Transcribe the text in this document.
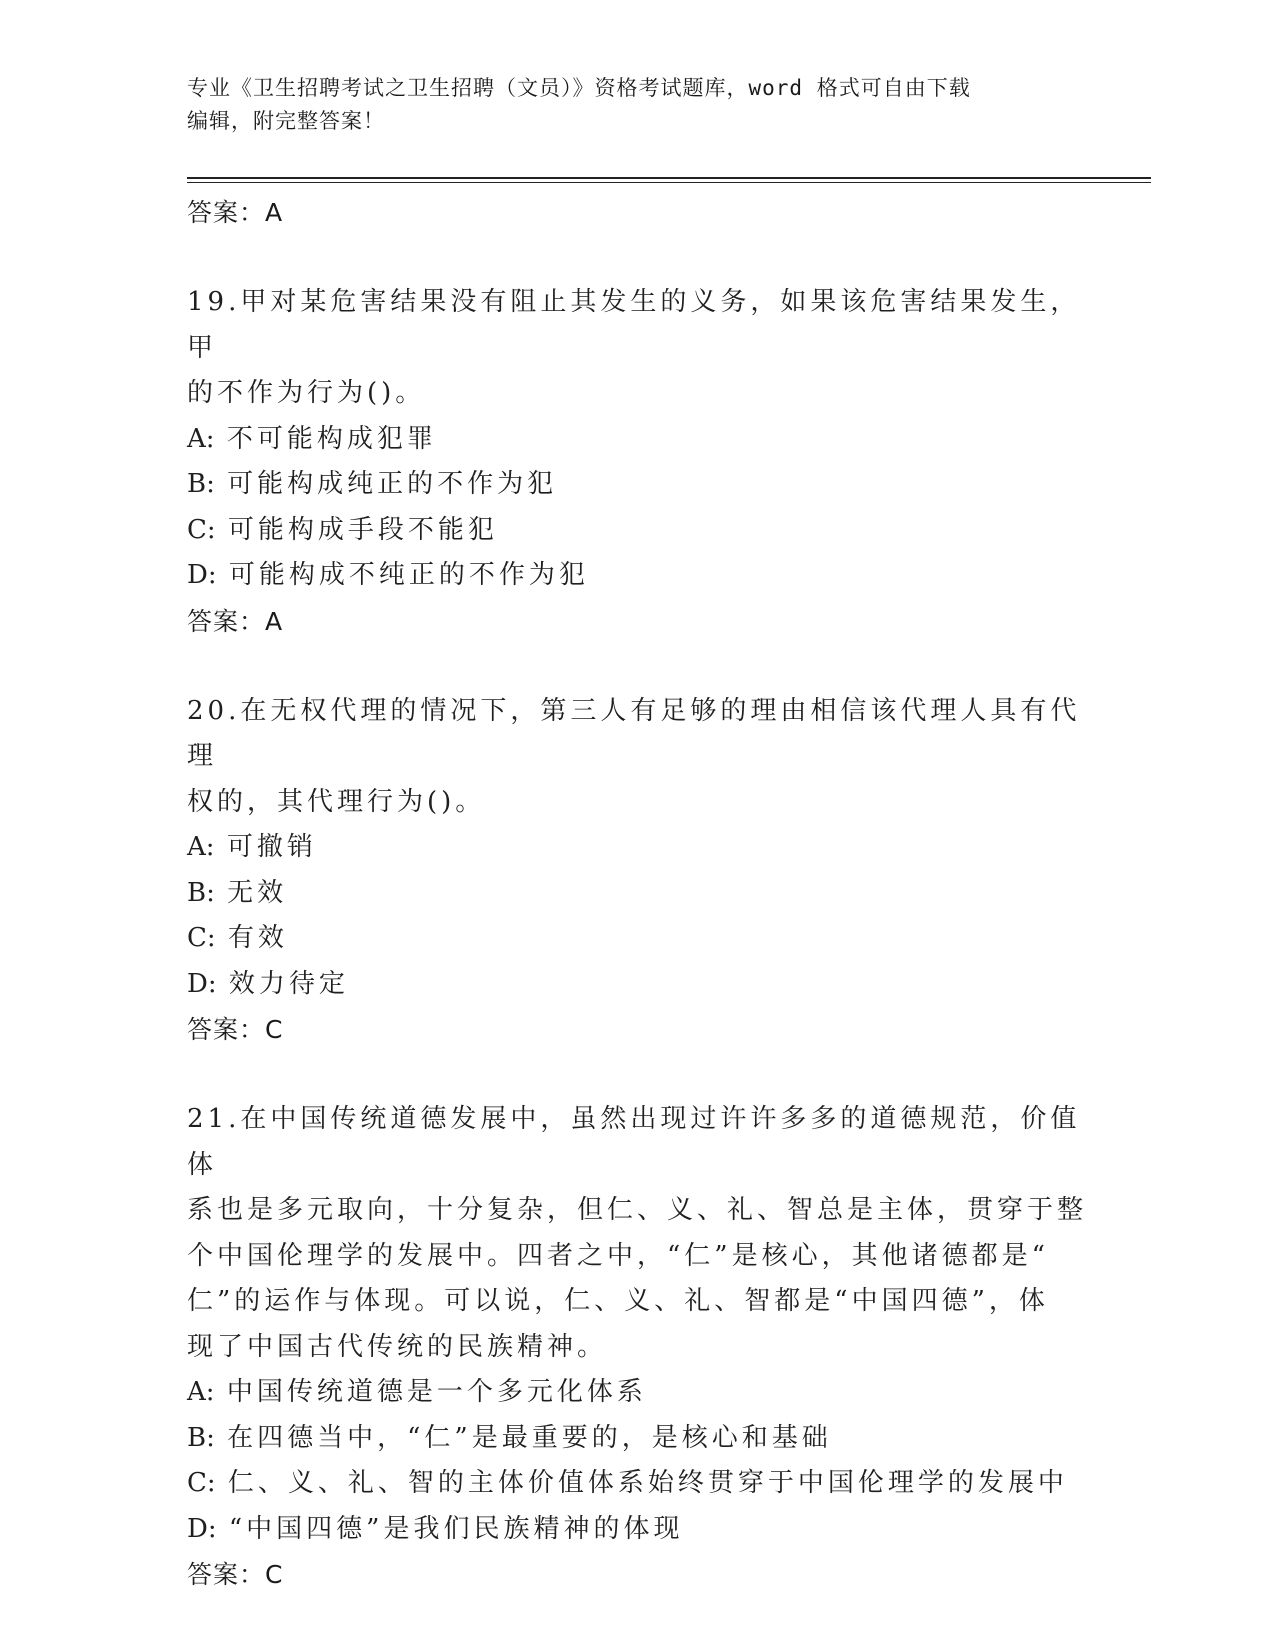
专业《卫生招聘考试之卫生招聘（文员）》资格考试题库，word 格式可自由下载
编辑，附完整答案！
答案：A
19.甲对某危害结果没有阻止其发生的义务，如果该危害结果发生，甲
的不作为行为()。
A: 不可能构成犯罪
B: 可能构成纯正的不作为犯
C: 可能构成手段不能犯
D: 可能构成不纯正的不作为犯
答案：A
20.在无权代理的情况下，第三人有足够的理由相信该代理人具有代理
权的，其代理行为()。
A: 可撤销
B: 无效
C: 有效
D: 效力待定
答案：C
21.在中国传统道德发展中，虽然出现过许许多多的道德规范，价值体
系也是多元取向，十分复杂，但仁、义、礼、智总是主体，贯穿于整
个中国伦理学的发展中。四者之中，“仁”是核心，其他诸德都是“
仁”的运作与体现。可以说，仁、义、礼、智都是“中国四德”，体
现了中国古代传统的民族精神。
A: 中国传统道德是一个多元化体系
B: 在四德当中，“仁”是最重要的，是核心和基础
C: 仁、义、礼、智的主体价值体系始终贯穿于中国伦理学的发展中
D: “中国四德”是我们民族精神的体现
答案：C
